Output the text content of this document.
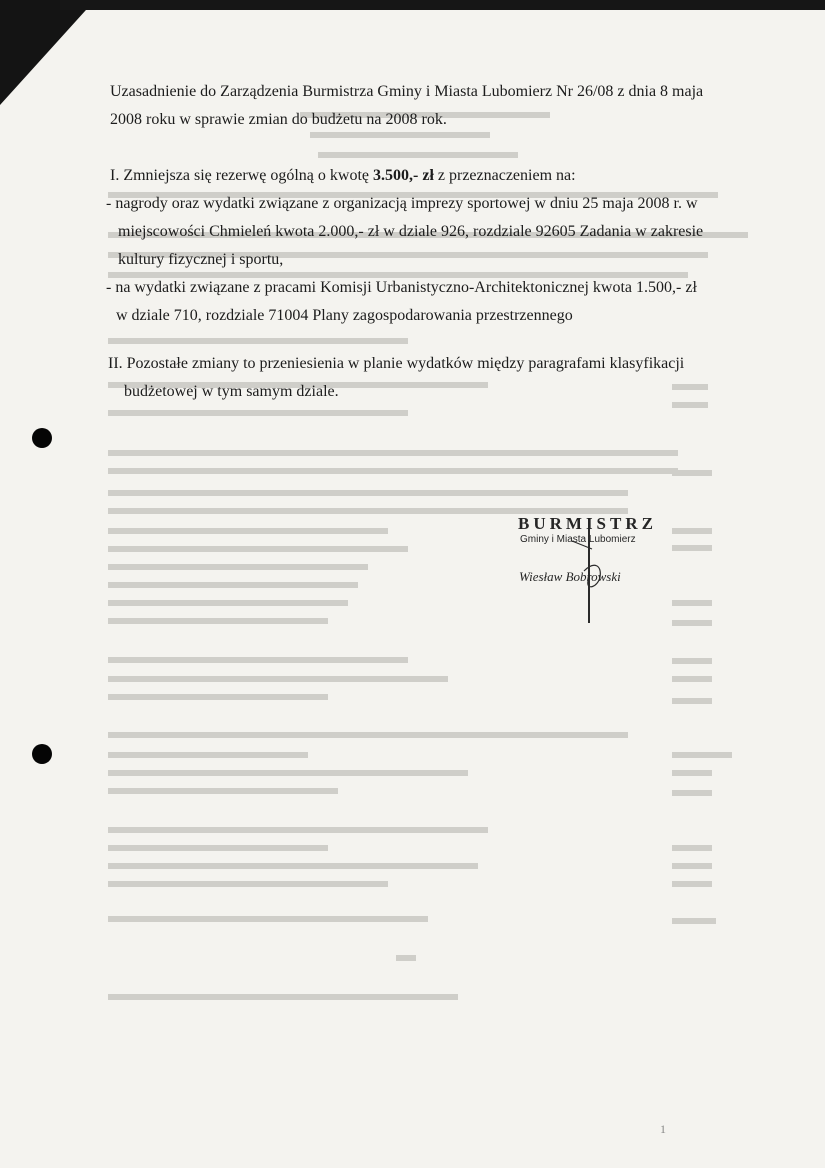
Uzasadnienie do Zarządzenia Burmistrza Gminy i Miasta Lubomierz Nr 26/08 z dnia 8 maja
2008 roku w sprawie zmian do budżetu na 2008 rok.
I. Zmniejsza się rezerwę ogólną o kwotę 3.500,- zł z przeznaczeniem na:
- nagrody oraz wydatki związane z organizacją imprezy sportowej w dniu 25 maja 2008 r. w
miejscowości Chmieleń kwota 2.000,- zł w dziale 926, rozdziale 92605 Zadania w zakresie
kultury fizycznej i sportu,
- na wydatki związane z pracami Komisji Urbanistyczno-Architektonicznej kwota 1.500,- zł
w dziale 710, rozdziale 71004 Plany zagospodarowania przestrzennego
II. Pozostałe zmiany to przeniesienia w planie wydatków między paragrafami klasyfikacji
budżetowej w tym samym dziale.
BURMISTRZ
Gminy i Miasta Lubomierz
Wiesław Bobrowski
1
